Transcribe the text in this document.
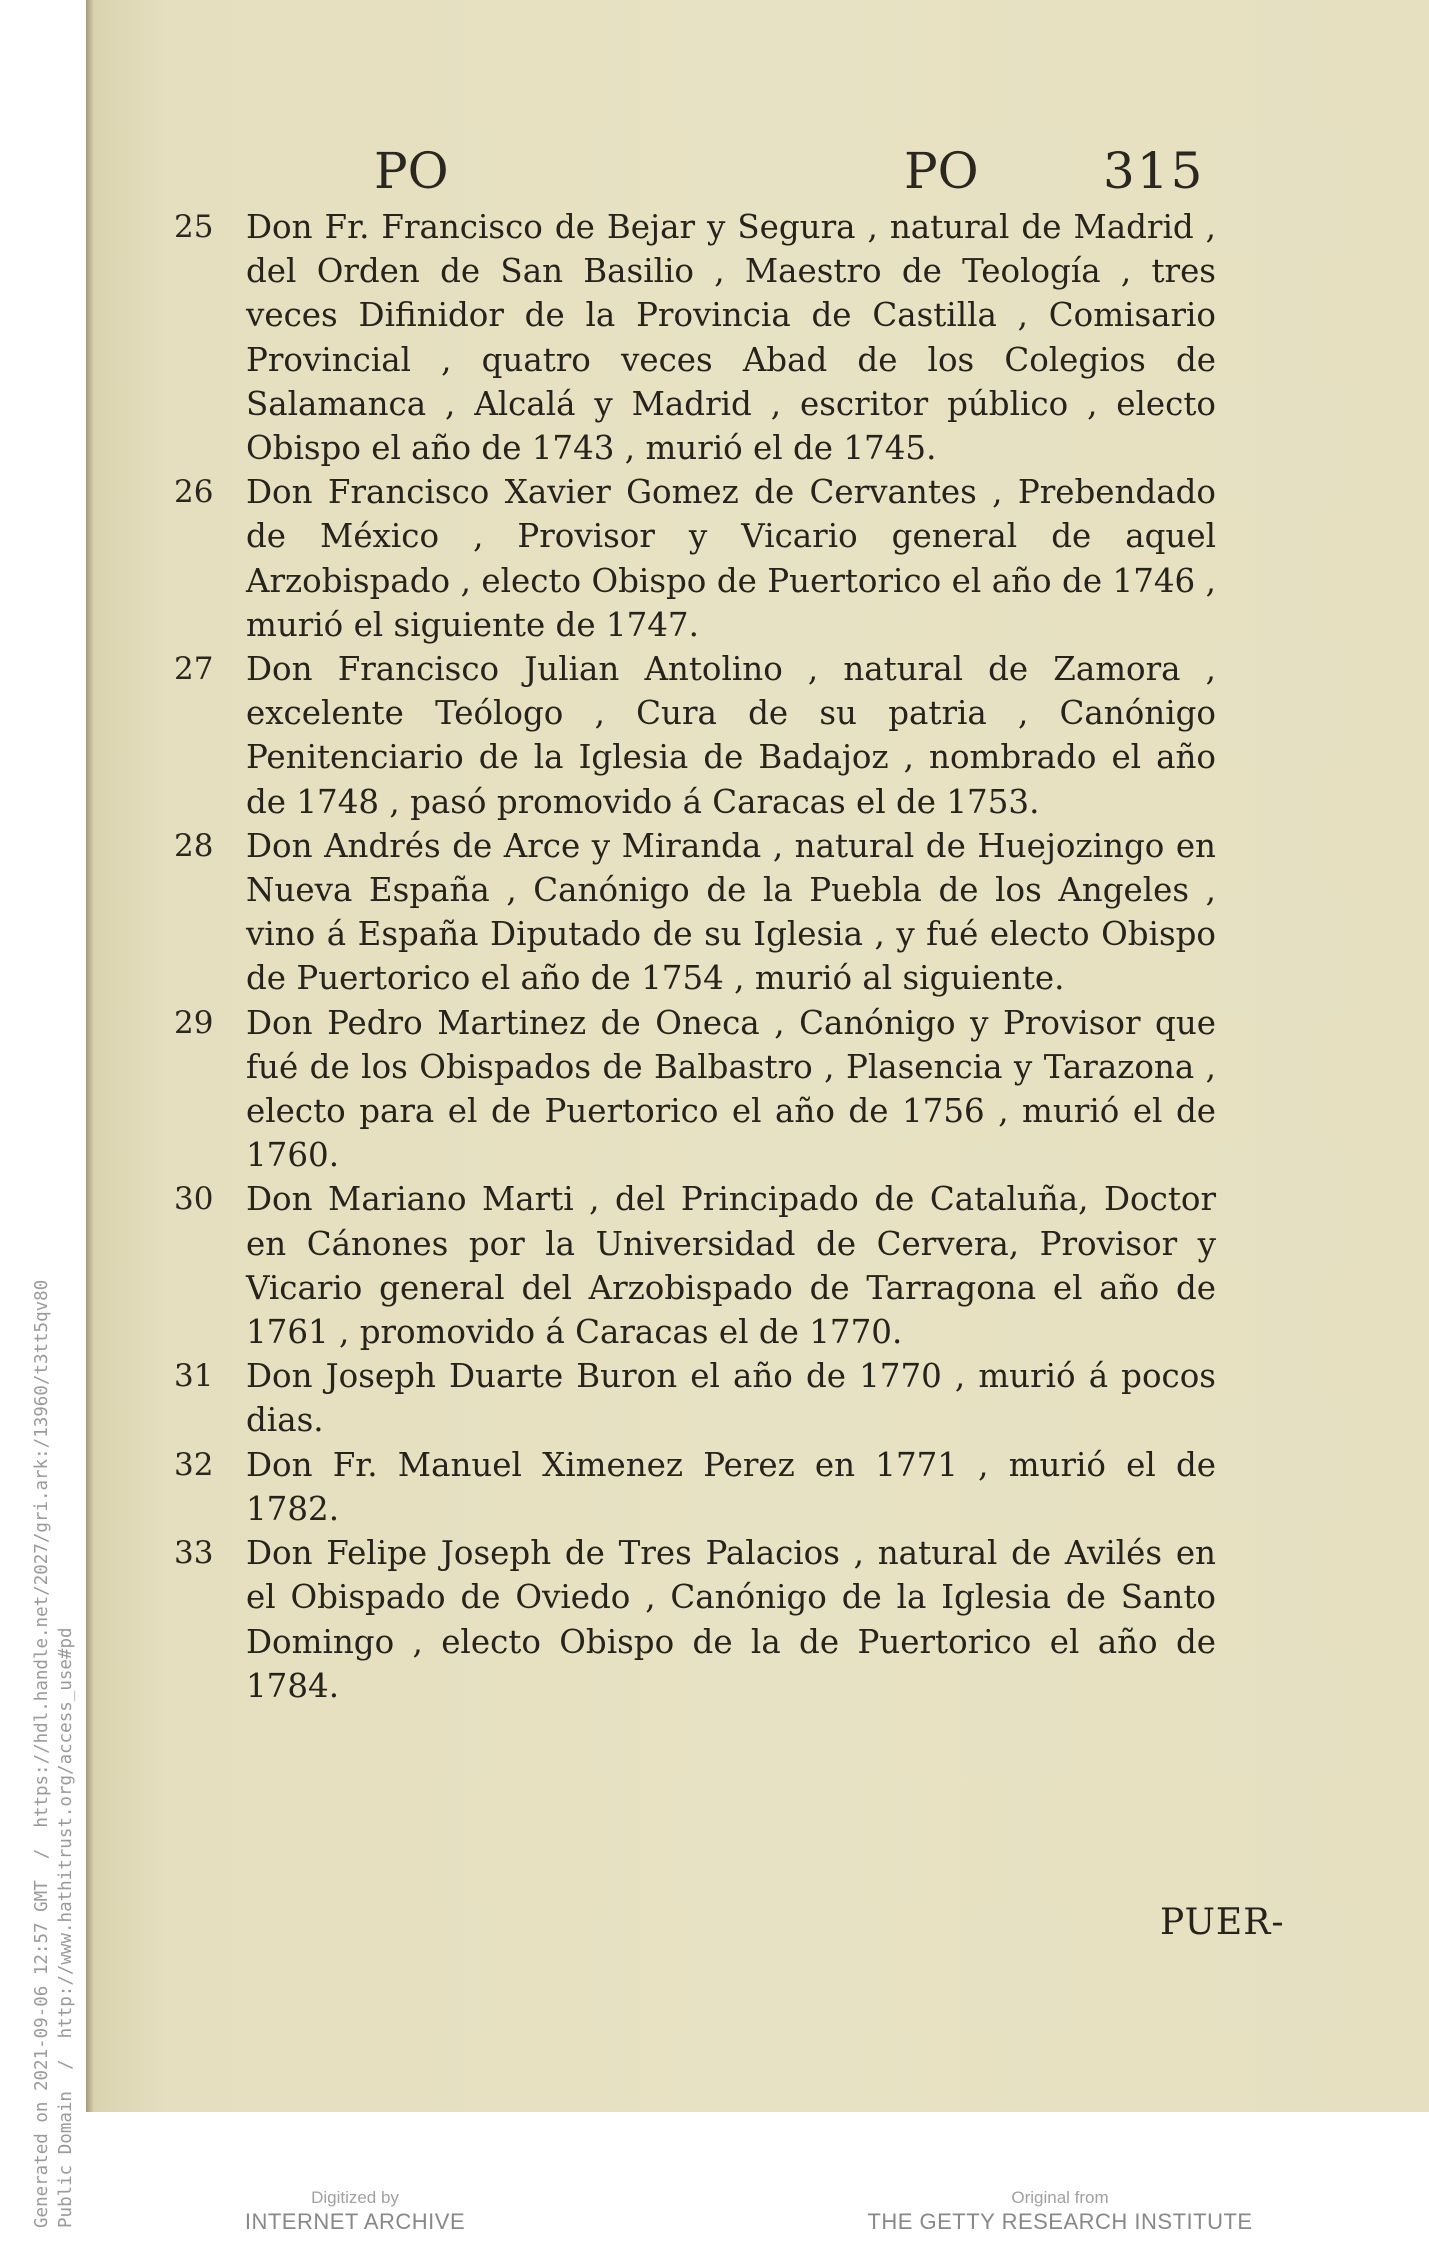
Generated on 2021-09-06 12:57 GMT  /  https://hdl.handle.net/2027/gri.ark:/13960/t3tt5qv80 Public Domain  /  http://www.hathitrust.org/access_use#pd
PO	PO 315
25 Don Fr. Francisco de Bejar y Segura , natural de Madrid , del Orden de San Basilio , Maestro de Teología , tres veces Difinidor de la Provincia de Castilla , Comisario Provincial , quatro veces Abad de los Colegios de Salamanca , Alcalá y Madrid , escritor público , electo Obispo el año de 1743 , murió el de 1745.
26 Don Francisco Xavier Gomez de Cervantes , Prebendado de México , Provisor y Vicario general de aquel Arzobispado , electo Obispo de Puertorico el año de 1746 , murió el siguiente de 1747.
27 Don Francisco Julian Antolino , natural de Zamora , excelente Teólogo , Cura de su patria , Canónigo Penitenciario de la Iglesia de Badajoz , nombrado el año de 1748 , pasó promovido á Caracas el de 1753.
28 Don Andrés de Arce y Miranda , natural de Huejozingo en Nueva España , Canónigo de la Puebla de los Angeles , vino á España Diputado de su Iglesia , y fué electo Obispo de Puertorico el año de 1754 , murió al siguiente.
29 Don Pedro Martinez de Oneca , Canónigo y Provisor que fué de los Obispados de Balbastro , Plasencia y Tarazona , electo para el de Puertorico el año de 1756 , murió el de 1760.
30 Don Mariano Marti , del Principado de Cataluña, Doctor en Cánones por la Universidad de Cervera, Provisor y Vicario general del Arzobispado de Tarragona el año de 1761 , promovido á Caracas el de 1770.
31 Don Joseph Duarte Buron el año de 1770 , murió á pocos dias.
32 Don Fr. Manuel Ximenez Perez en 1771 , murió el de 1782.
33 Don Felipe Joseph de Tres Palacios , natural de Avilés en el Obispado de Oviedo , Canónigo de la Iglesia de Santo Domingo , electo Obispo de la de Puertorico el año de 1784.
PUER-
Digitized by
INTERNET ARCHIVE
Original from
THE GETTY RESEARCH INSTITUTE
